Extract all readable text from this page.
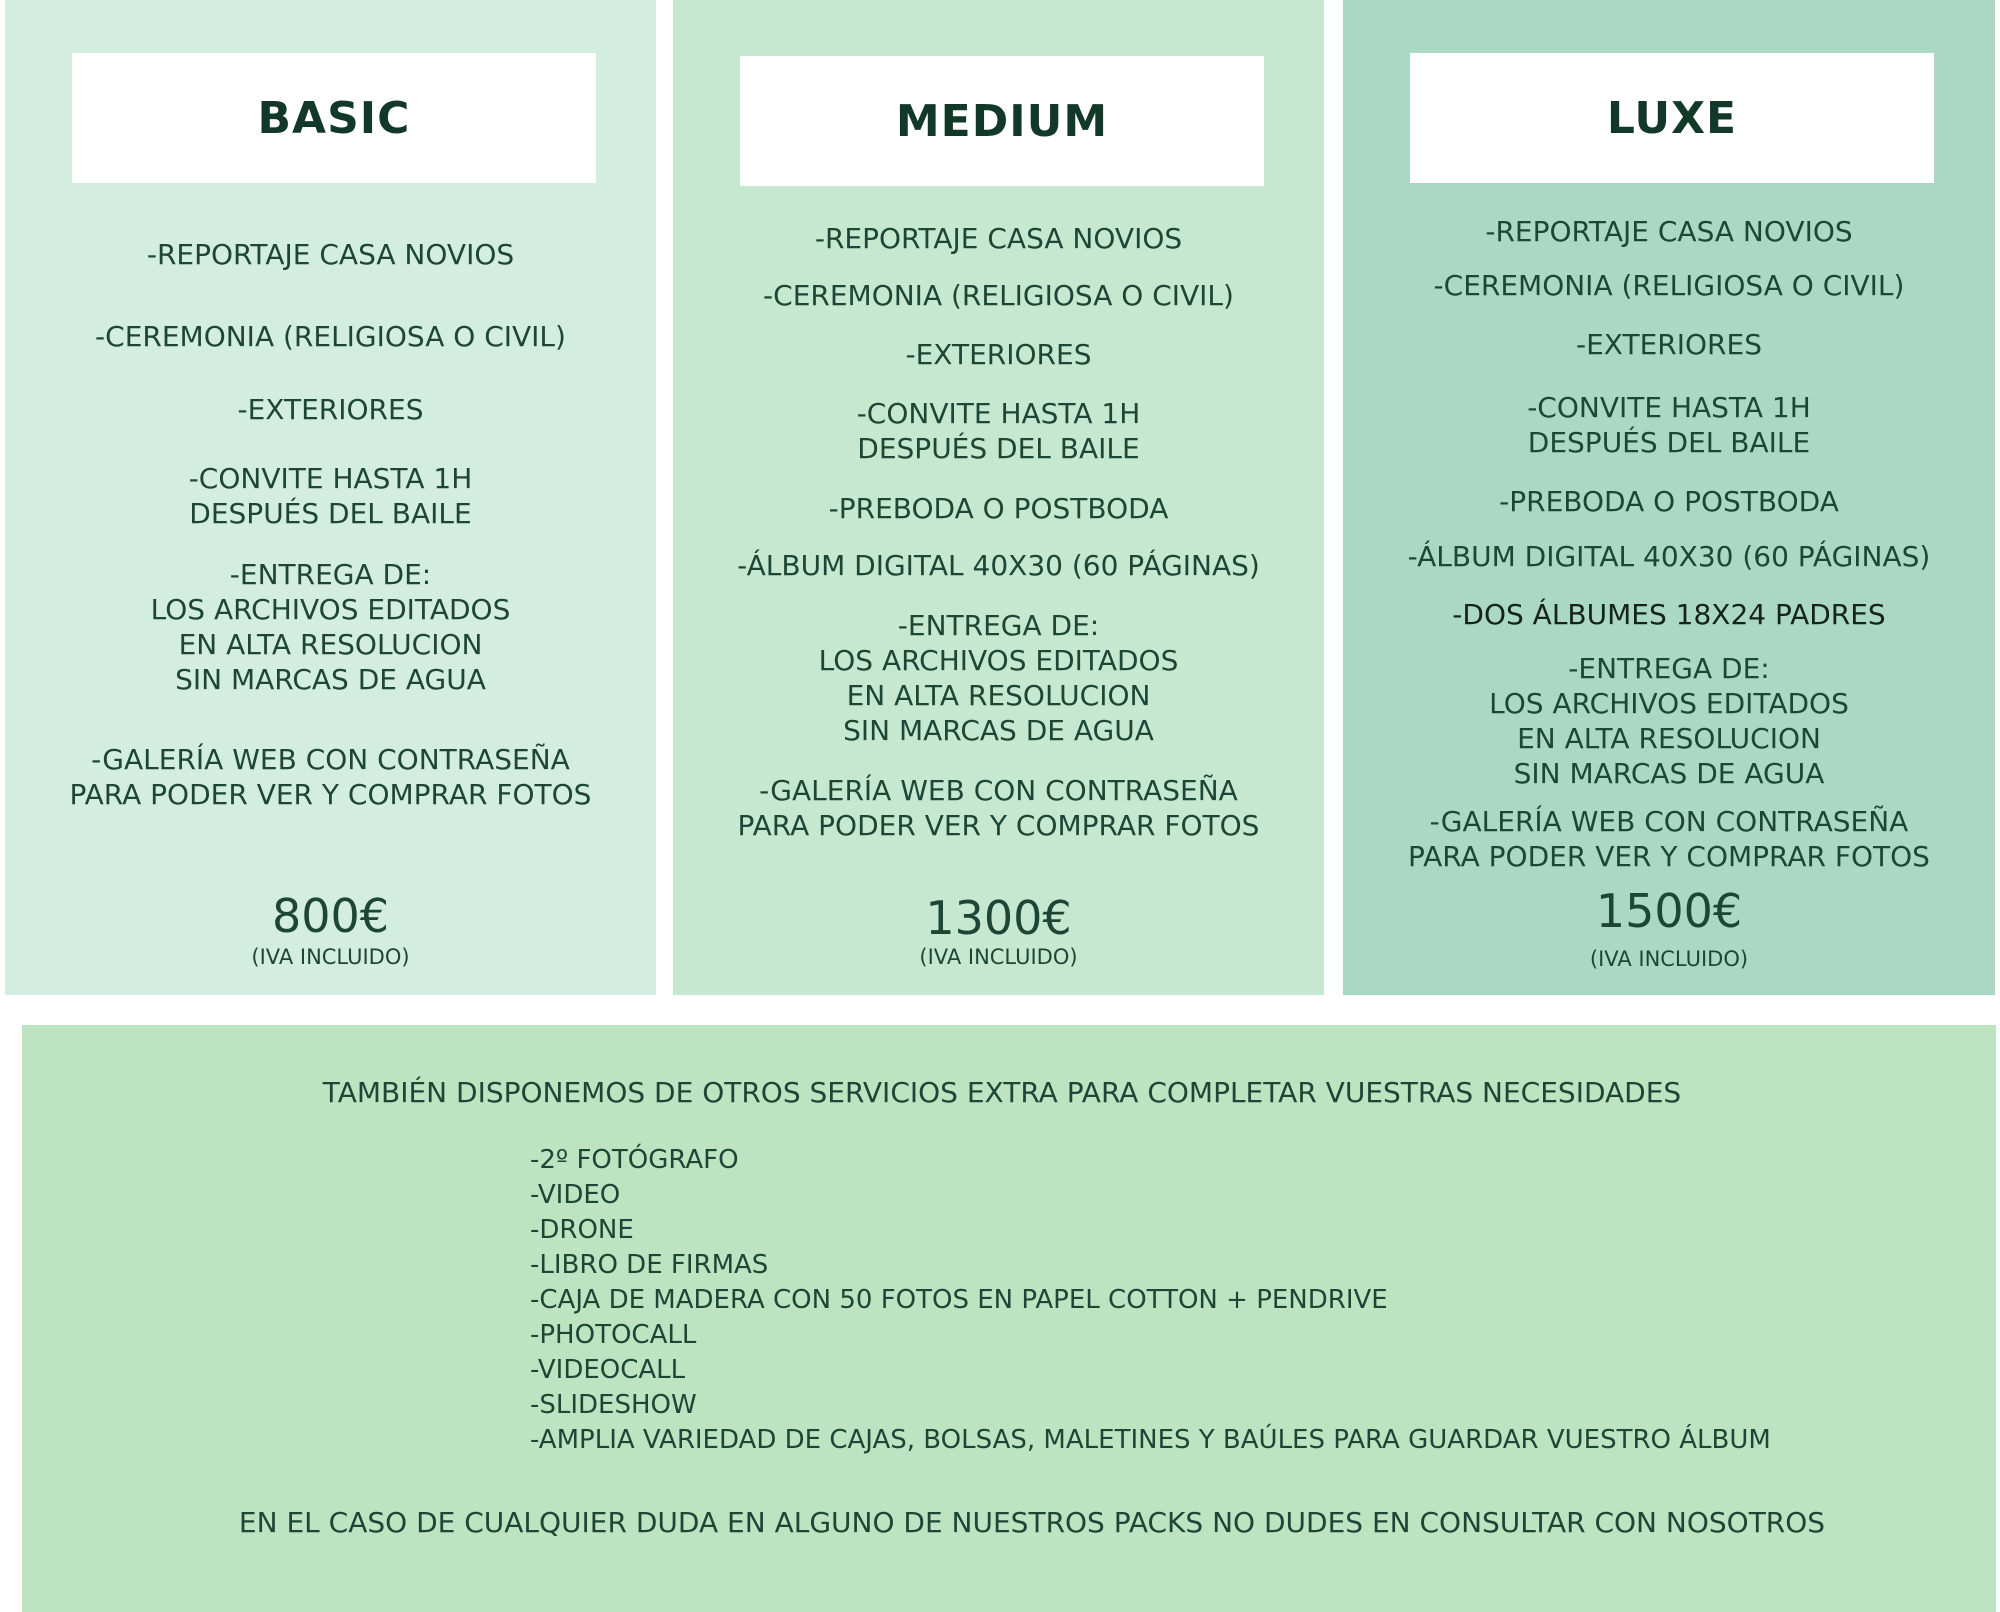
BASIC
-REPORTAJE CASA NOVIOS
-CEREMONIA (RELIGIOSA O CIVIL)
-EXTERIORES
-CONVITE HASTA 1H
DESPUÉS DEL BAILE
-ENTREGA DE:
LOS ARCHIVOS EDITADOS
EN ALTA RESOLUCION
SIN MARCAS DE AGUA
-GALERÍA WEB CON CONTRASEÑA
PARA PODER VER Y COMPRAR FOTOS
800€
(IVA INCLUIDO)
MEDIUM
-REPORTAJE CASA NOVIOS
-CEREMONIA (RELIGIOSA O CIVIL)
-EXTERIORES
-CONVITE HASTA 1H
DESPUÉS DEL BAILE
-PREBODA O POSTBODA
-ÁLBUM DIGITAL 40X30 (60 PÁGINAS)
-ENTREGA DE:
LOS ARCHIVOS EDITADOS
EN ALTA RESOLUCION
SIN MARCAS DE AGUA
-GALERÍA WEB CON CONTRASEÑA
PARA PODER VER Y COMPRAR FOTOS
1300€
(IVA INCLUIDO)
LUXE
-REPORTAJE CASA NOVIOS
-CEREMONIA (RELIGIOSA O CIVIL)
-EXTERIORES
-CONVITE HASTA 1H
DESPUÉS DEL BAILE
-PREBODA O POSTBODA
-ÁLBUM DIGITAL 40X30 (60 PÁGINAS)
-DOS ÁLBUMES 18X24 PADRES
-ENTREGA DE:
LOS ARCHIVOS EDITADOS
EN ALTA RESOLUCION
SIN MARCAS DE AGUA
-GALERÍA WEB CON CONTRASEÑA
PARA PODER VER Y COMPRAR FOTOS
1500€
(IVA INCLUIDO)
TAMBIÉN DISPONEMOS DE OTROS SERVICIOS EXTRA PARA COMPLETAR VUESTRAS NECESIDADES
-2º FOTÓGRAFO
-VIDEO
-DRONE
-LIBRO DE FIRMAS
-CAJA DE MADERA CON 50 FOTOS EN PAPEL COTTON + PENDRIVE
-PHOTOCALL
-VIDEOCALL
-SLIDESHOW
-AMPLIA VARIEDAD DE CAJAS, BOLSAS, MALETINES Y BAÚLES PARA GUARDAR VUESTRO ÁLBUM
EN EL CASO DE CUALQUIER DUDA EN ALGUNO DE NUESTROS PACKS NO DUDES EN CONSULTAR CON NOSOTROS
